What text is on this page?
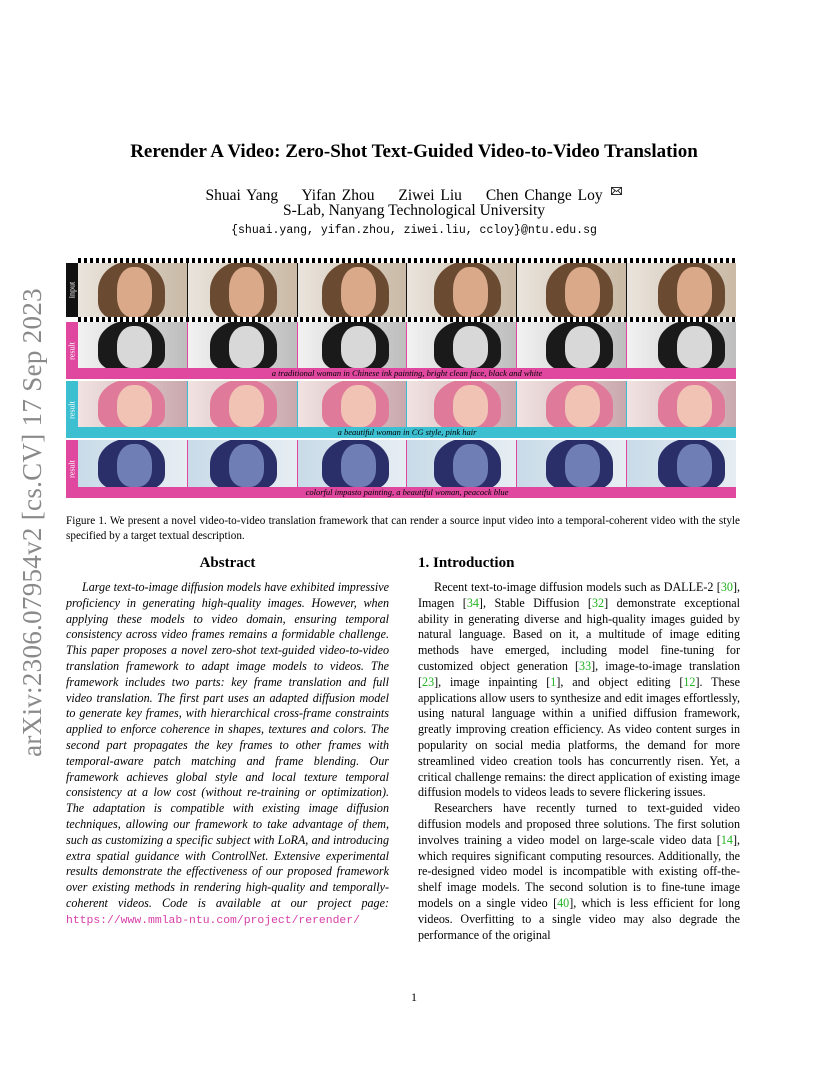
arXiv:2306.07954v2 [cs.CV] 17 Sep 2023
Rerender A Video: Zero-Shot Text-Guided Video-to-Video Translation
Shuai Yang Yifan Zhou Ziwei Liu Chen Change Loy
S-Lab, Nanyang Technological University
{shuai.yang, yifan.zhou, ziwei.liu, ccloy}@ntu.edu.sg
input
result
a traditional woman in Chinese ink painting, bright clean face, black and white
result
a beautiful woman in CG style, pink hair
result
colorful impasto painting, a beautiful woman, peacock blue
Figure 1. We present a novel video-to-video translation framework that can render a source input video into a temporal-coherent video with the style specified by a target textual description.
Abstract
Large text-to-image diffusion models have exhibited impressive proficiency in generating high-quality images. However, when applying these models to video domain, ensuring temporal consistency across video frames remains a formidable challenge. This paper proposes a novel zero-shot text-guided video-to-video translation framework to adapt image models to videos. The framework includes two parts: key frame translation and full video translation. The first part uses an adapted diffusion model to generate key frames, with hierarchical cross-frame constraints applied to enforce coherence in shapes, textures and colors. The second part propagates the key frames to other frames with temporal-aware patch matching and frame blending. Our framework achieves global style and local texture temporal consistency at a low cost (without re-training or optimization). The adaptation is compatible with existing image diffusion techniques, allowing our framework to take advantage of them, such as customizing a specific subject with LoRA, and introducing extra spatial guidance with ControlNet. Extensive experimental results demonstrate the effectiveness of our proposed framework over existing methods in rendering high-quality and temporally-coherent videos. Code is available at our project page: https://www.mmlab-ntu.com/project/rerender/
1. Introduction

Recent text-to-image diffusion models such as DALLE-2 [30], Imagen [34], Stable Diffusion [32] demonstrate exceptional ability in generating diverse and high-quality images guided by natural language. Based on it, a multitude of image editing methods have emerged, including model fine-tuning for customized object generation [33], image-to-image translation [23], image inpainting [1], and object editing [12]. These applications allow users to synthesize and edit images effortlessly, using natural language within a unified diffusion framework, greatly improving creation efficiency. As video content surges in popularity on social media platforms, the demand for more streamlined video creation tools has concurrently risen. Yet, a critical challenge remains: the direct application of existing image diffusion models to videos leads to severe flickering issues.

Researchers have recently turned to text-guided video diffusion models and proposed three solutions. The first solution involves training a video model on large-scale video data [14], which requires significant computing resources. Additionally, the re-designed video model is incompatible with existing off-the-shelf image models. The second solution is to fine-tune image models on a single video [40], which is less efficient for long videos. Overfitting to a single video may also degrade the performance of the original

1
